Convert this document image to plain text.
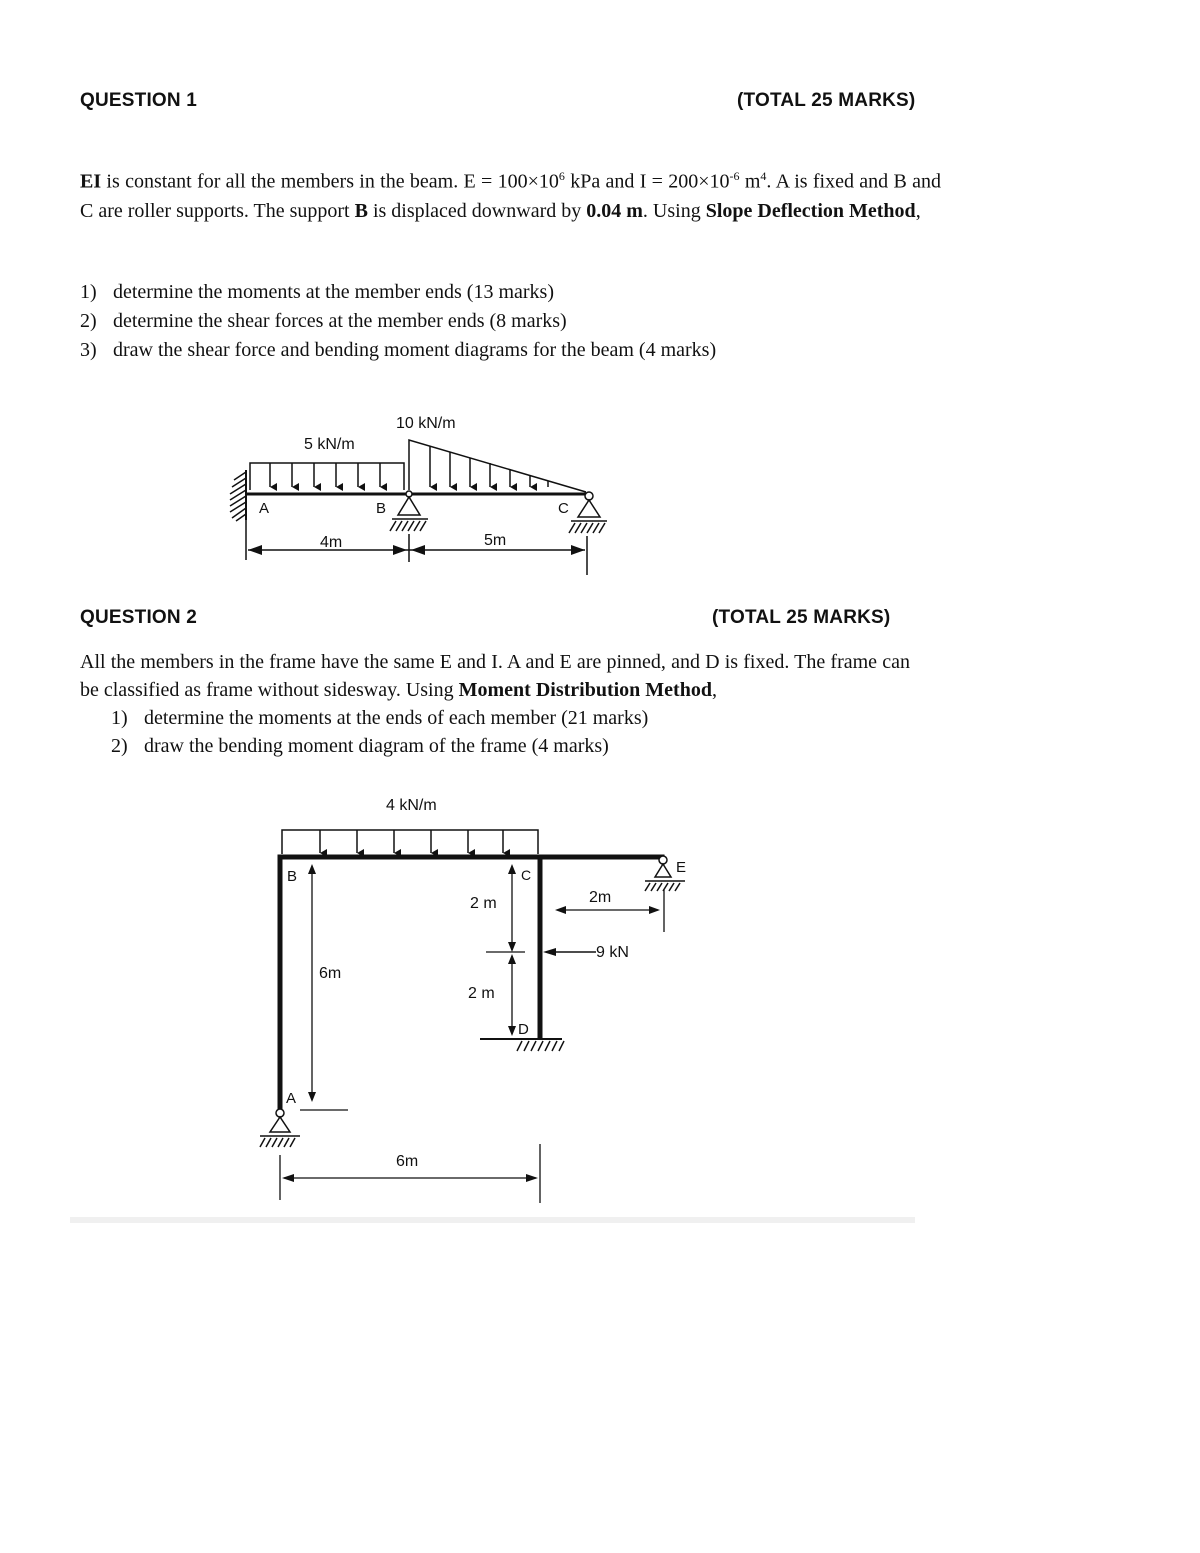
QUESTION 1	(TOTAL 25 MARKS)
EI is constant for all the members in the beam. $E = 100\times 10^6$ kPa and $I = 200\times 10^{-6}$ $m^4$. A is fixed and B and C are roller supports. The support B is displaced downward by 0.04 m. Using Slope Deflection Method,
1) determine the moments at the member ends (13 marks)
2) determine the shear forces at the member ends (8 marks)
3) draw the shear force and bending moment diagrams for the beam (4 marks)
5 kN/m
10 kN/m
A	B	C
4m	5m
QUESTION 2	(TOTAL 25 MARKS)
All the members in the frame have the same E and I. A and E are pinned, and D is fixed. The frame can be classified as frame without sidesway. Using Moment Distribution Method,
1) determine the moments at the ends of each member (21 marks)
2) draw the bending moment diagram of the frame (4 marks)
4 kN/m
B	C
D
A
E
6m
6m
2m
2 m
2 m
9 kN
